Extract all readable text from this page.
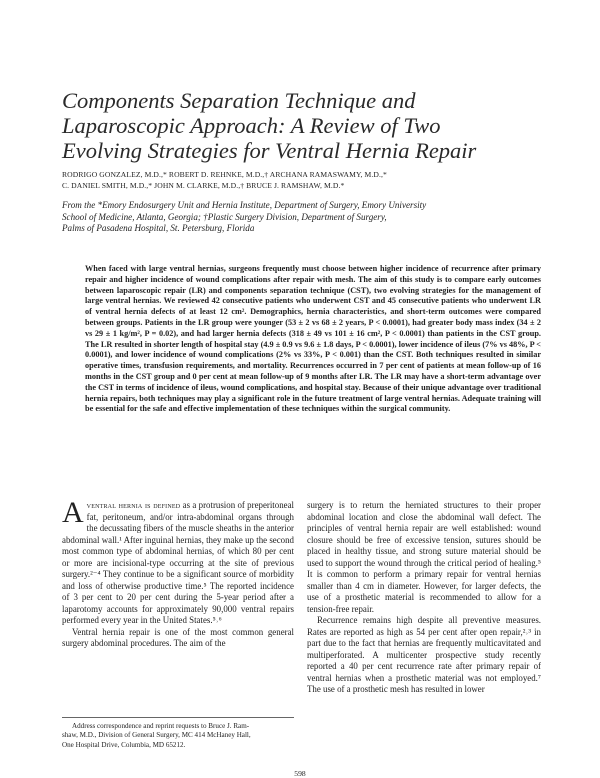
Components Separation Technique and
Laparoscopic Approach: A Review of Two
Evolving Strategies for Ventral Hernia Repair
RODRIGO GONZALEZ, M.D.,* ROBERT D. REHNKE, M.D.,† ARCHANA RAMASWAMY, M.D.,*
C. DANIEL SMITH, M.D.,* JOHN M. CLARKE, M.D.,† BRUCE J. RAMSHAW, M.D.*
From the *Emory Endosurgery Unit and Hernia Institute, Department of Surgery, Emory University
School of Medicine, Atlanta, Georgia; †Plastic Surgery Division, Department of Surgery,
Palms of Pasadena Hospital, St. Petersburg, Florida
When faced with large ventral hernias, surgeons frequently must choose between higher incidence of recurrence after primary repair and higher incidence of wound complications after repair with mesh. The aim of this study is to compare early outcomes between laparoscopic repair (LR) and components separation technique (CST), two evolving strategies for the management of large ventral hernias. We reviewed 42 consecutive patients who underwent CST and 45 consecutive patients who underwent LR of ventral hernia defects of at least 12 cm². Demographics, hernia characteristics, and short-term outcomes were compared between groups. Patients in the LR group were younger (53 ± 2 vs 68 ± 2 years, P < 0.0001), had greater body mass index (34 ± 2 vs 29 ± 1 kg/m², P = 0.02), and had larger hernia defects (318 ± 49 vs 101 ± 16 cm², P < 0.0001) than patients in the CST group. The LR resulted in shorter length of hospital stay (4.9 ± 0.9 vs 9.6 ± 1.8 days, P < 0.0001), lower incidence of ileus (7% vs 48%, P < 0.0001), and lower incidence of wound complications (2% vs 33%, P < 0.001) than the CST. Both techniques resulted in similar operative times, transfusion requirements, and mortality. Recurrences occurred in 7 per cent of patients at mean follow-up of 16 months in the CST group and 0 per cent at mean follow-up of 9 months after LR. The LR may have a short-term advantage over the CST in terms of incidence of ileus, wound complications, and hospital stay. Because of their unique advantage over traditional hernia repairs, both techniques may play a significant role in the future treatment of large ventral hernias. Adequate training will be essential for the safe and effective implementation of these techniques within the surgical community.

Aventral hernia is defined as a protrusion of preperitoneal fat, peritoneum, and/or intra-abdominal organs through the decussating fibers of the muscle sheaths in the anterior abdominal wall.¹ After inguinal hernias, they make up the second most common type of abdominal hernias, of which 80 per cent or more are incisional-type occurring at the site of previous surgery.²⁻⁴ They continue to be a significant source of morbidity and loss of otherwise productive time.⁵ The reported incidence of 3 per cent to 20 per cent during the 5-year period after a laparotomy accounts for approximately 90,000 ventral repairs performed every year in the United States.⁵˒⁶

Ventral hernia repair is one of the most common general surgery abdominal procedures. The aim of the

surgery is to return the herniated structures to their proper abdominal location and close the abdominal wall defect. The principles of ventral hernia repair are well established: wound closure should be free of excessive tension, sutures should be placed in healthy tissue, and strong suture material should be used to support the wound through the critical period of healing.⁵ It is common to perform a primary repair for ventral hernias smaller than 4 cm in diameter. However, for larger defects, the use of a prosthetic material is recommended to allow for a tension-free repair.

Recurrence remains high despite all preventive measures. Rates are reported as high as 54 per cent after open repair,²˒³ in part due to the fact that hernias are frequently multicavitated and multiperforated. A multicenter prospective study recently reported a 40 per cent recurrence rate after primary repair of ventral hernias when a prosthetic material was not employed.⁷ The use of a prosthetic mesh has resulted in lower

Address correspondence and reprint requests to Bruce J. Ram-
shaw, M.D., Division of General Surgery, MC 414 McHaney Hall,
One Hospital Drive, Columbia, MD 65212.
598
